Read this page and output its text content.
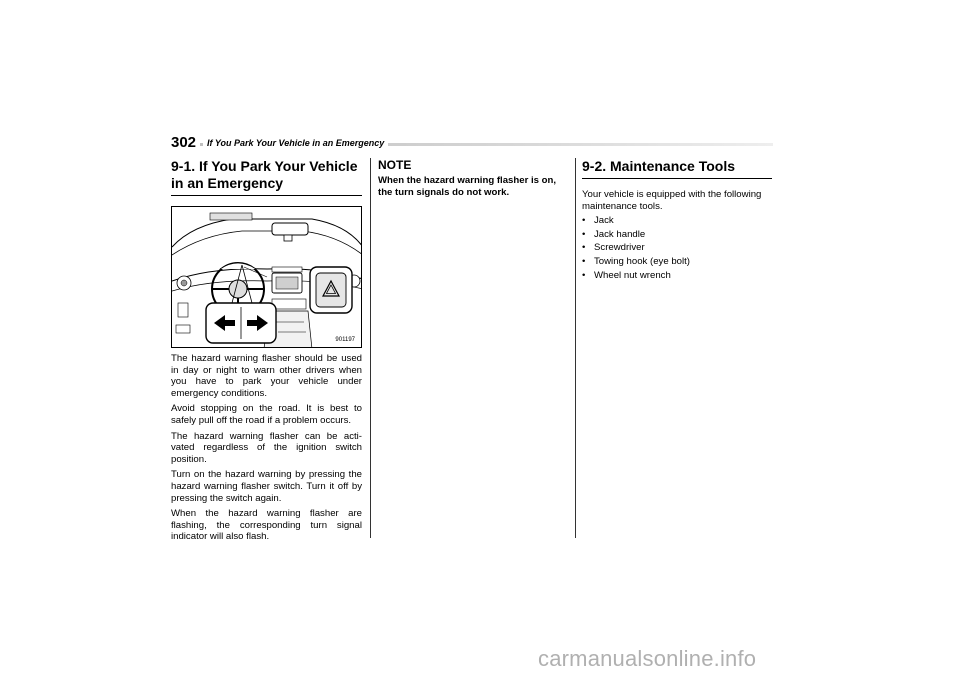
302	If You Park Your Vehicle in an Emergency
9-1. If You Park Your Vehicle in an Emergency
901197

The hazard warning flasher should be used in day or night to warn other drivers when you have to park your vehicle under emergency conditions.

Avoid stopping on the road. It is best to safely pull off the road if a problem occurs.

The hazard warning flasher can be acti-vated regardless of the ignition switch position.

Turn on the hazard warning by pressing the hazard warning flasher switch. Turn it off by pressing the switch again.

When the hazard warning flasher are flashing, the corresponding turn signal indicator will also flash.

NOTE
When the hazard warning flasher is on, the turn signals do not work.
9-2. Maintenance Tools
Your vehicle is equipped with the following maintenance tools.
• Jack
• Jack handle
• Screwdriver
• Towing hook (eye bolt)
• Wheel nut wrench
carmanualsonline.info
